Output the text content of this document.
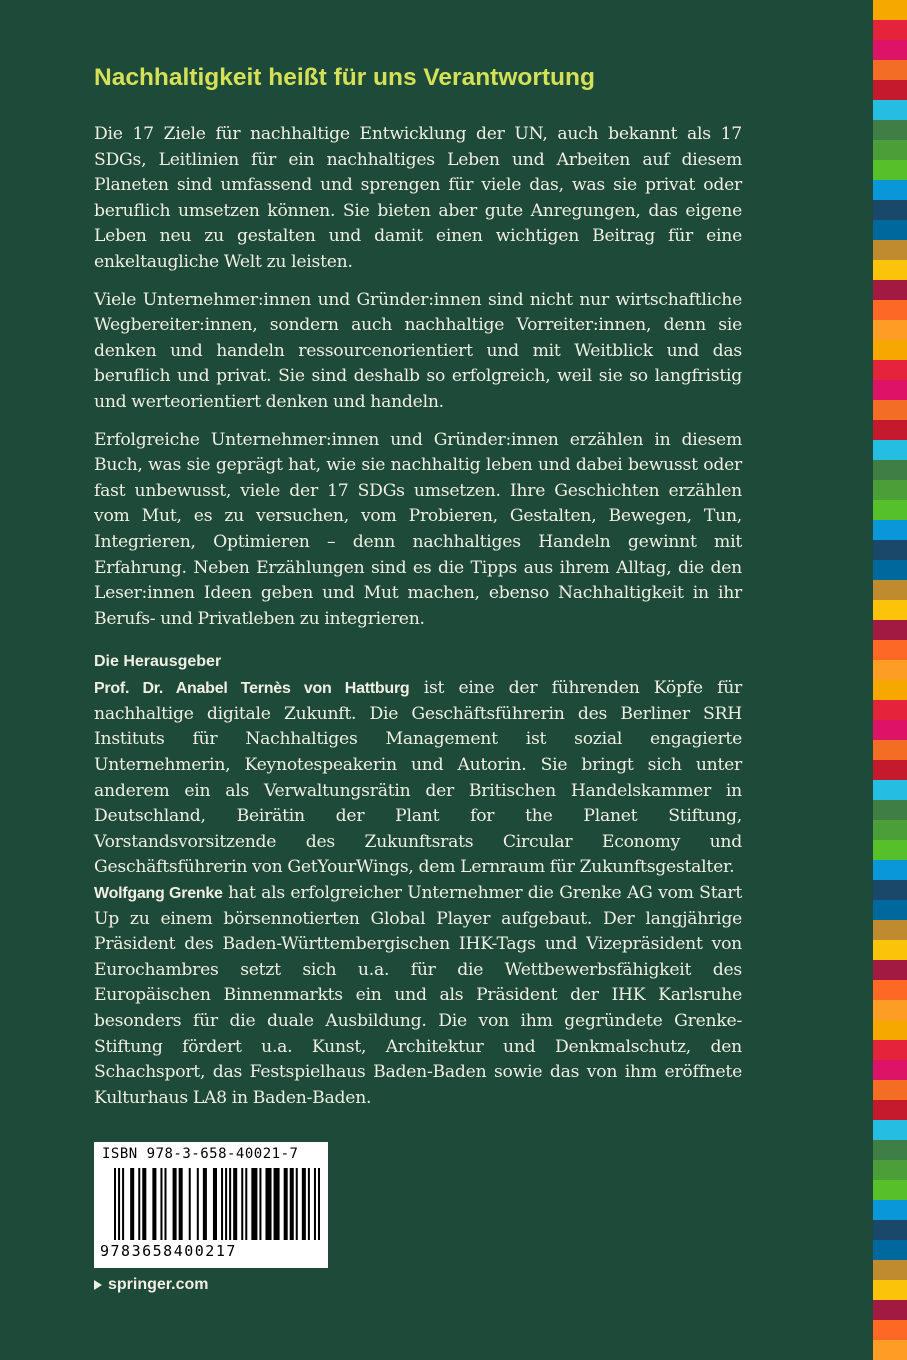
Nachhaltigkeit heißt für uns Verantwortung

Die 17 Ziele für nachhaltige Entwicklung der UN, auch bekannt als 17 SDGs, Leitlinien für ein nachhaltiges Leben und Arbeiten auf diesem Planeten sind umfassend und sprengen für viele das, was sie privat oder beruflich umsetzen können. Sie bieten aber gute Anregungen, das eigene Leben neu zu gestalten und damit einen wichtigen Beitrag für eine enkeltaugliche Welt zu leisten.

Viele Unternehmer:innen und Gründer:innen sind nicht nur wirtschaftliche Wegbereiter:innen, sondern auch nachhaltige Vorreiter:innen, denn sie denken und handeln ressourcenorientiert und mit Weitblick und das beruflich und privat. Sie sind deshalb so erfolgreich, weil sie so langfristig und werteorientiert denken und handeln.

Erfolgreiche Unternehmer:innen und Gründer:innen erzählen in diesem Buch, was sie geprägt hat, wie sie nachhaltig leben und dabei bewusst oder fast unbewusst, viele der 17 SDGs umsetzen. Ihre Geschichten erzählen vom Mut, es zu versuchen, vom Probieren, Gestalten, Bewegen, Tun, Integrieren, Optimieren – denn nachhaltiges Handeln gewinnt mit Erfahrung. Neben Erzählungen sind es die Tipps aus ihrem Alltag, die den Leser:innen Ideen geben und Mut machen, ebenso Nachhaltigkeit in ihr Berufs- und Privatleben zu integrieren.

Die Herausgeber

Prof. Dr. Anabel Ternès von Hattburg ist eine der führenden Köpfe für nachhaltige digitale Zukunft. Die Geschäftsführerin des Berliner SRH Instituts für Nachhaltiges Management ist sozial engagierte Unternehmerin, Keynotespeakerin und Autorin. Sie bringt sich unter anderem ein als Verwaltungsrätin der Britischen Handelskammer in Deutschland, Beirätin der Plant for the Planet Stiftung, Vorstandsvorsitzende des Zukunftsrats Circular Economy und Geschäftsführerin von GetYourWings, dem Lernraum für Zukunftsgestalter.

Wolfgang Grenke hat als erfolgreicher Unternehmer die Grenke AG vom Start Up zu einem börsennotierten Global Player aufgebaut. Der langjährige Präsident des Baden-Württembergischen IHK-Tags und Vizepräsident von Eurochambres setzt sich u.a. für die Wettbewerbsfähigkeit des Europäischen Binnenmarkts ein und als Präsident der IHK Karlsruhe besonders für die duale Ausbildung. Die von ihm gegründete Grenke-Stiftung fördert u.a. Kunst, Architektur und Denkmalschutz, den Schachsport, das Festspielhaus Baden-Baden sowie das von ihm eröffnete Kulturhaus LA8 in Baden-Baden.

ISBN 978-3-658-40021-7
9783658400217
springer.com
